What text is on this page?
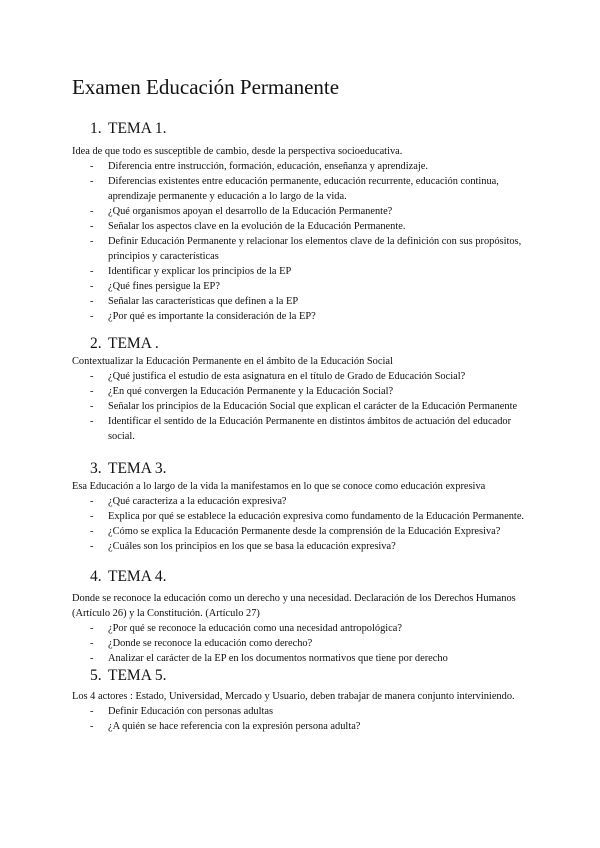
Examen Educación Permanente
1. TEMA 1.

Idea de que todo es susceptible de cambio, desde la perspectiva socioeducativa.

- Diferencia entre instrucción, formación, educación, enseñanza y aprendizaje.
- Diferencias existentes entre educación permanente, educación recurrente, educación continua, aprendizaje permanente y educación a lo largo de la vida.
- ¿Qué organismos apoyan el desarrollo de la Educación Permanente?
- Señalar los aspectos clave en la evolución de la Educación Permanente.
- Definir Educación Permanente y relacionar los elementos clave de la definición con sus propósitos, principios y características
- Identificar y explicar los principios de la EP
- ¿Qué fines persigue la EP?
- Señalar las características que definen a la EP
- ¿Por qué es importante la consideración de la EP?
2. TEMA .

Contextualizar la Educación Permanente en el ámbito de la Educación Social

- ¿Qué justifica el estudio de esta asignatura en el título de Grado de Educación Social?
- ¿En qué convergen la Educación Permanente y la Educación Social?
- Señalar los principios de la Educación Social que explican el carácter de la Educación Permanente
- Identificar el sentido de la Educación Permanente en distintos ámbitos de actuación del educador social.
3. TEMA 3.

Esa Educación a lo largo de la vida la manifestamos en lo que se conoce como educación expresiva

- ¿Qué caracteriza a la educación expresiva?
- Explica por qué se establece la educación expresiva como fundamento de la Educación Permanente.
- ¿Cómo se explica la Educación Permanente desde la comprensión de la Educación Expresiva?
- ¿Cuáles son los principios en los que se basa la educación expresiva?
4. TEMA 4.

Donde se reconoce la educación como un derecho y una necesidad. Declaración de los Derechos Humanos (Artículo 26) y la Constitución. (Artículo 27)

- ¿Por qué se reconoce la educación como una necesidad antropológica?
- ¿Donde se reconoce la educación como derecho?
- Analizar el carácter de la EP en los documentos normativos que tiene por derecho
5. TEMA 5.

Los 4 actores : Estado, Universidad, Mercado y Usuario, deben trabajar de manera conjunto interviniendo.

- Definir Educación con personas adultas
- ¿A quién se hace referencia con la expresión persona adulta?
